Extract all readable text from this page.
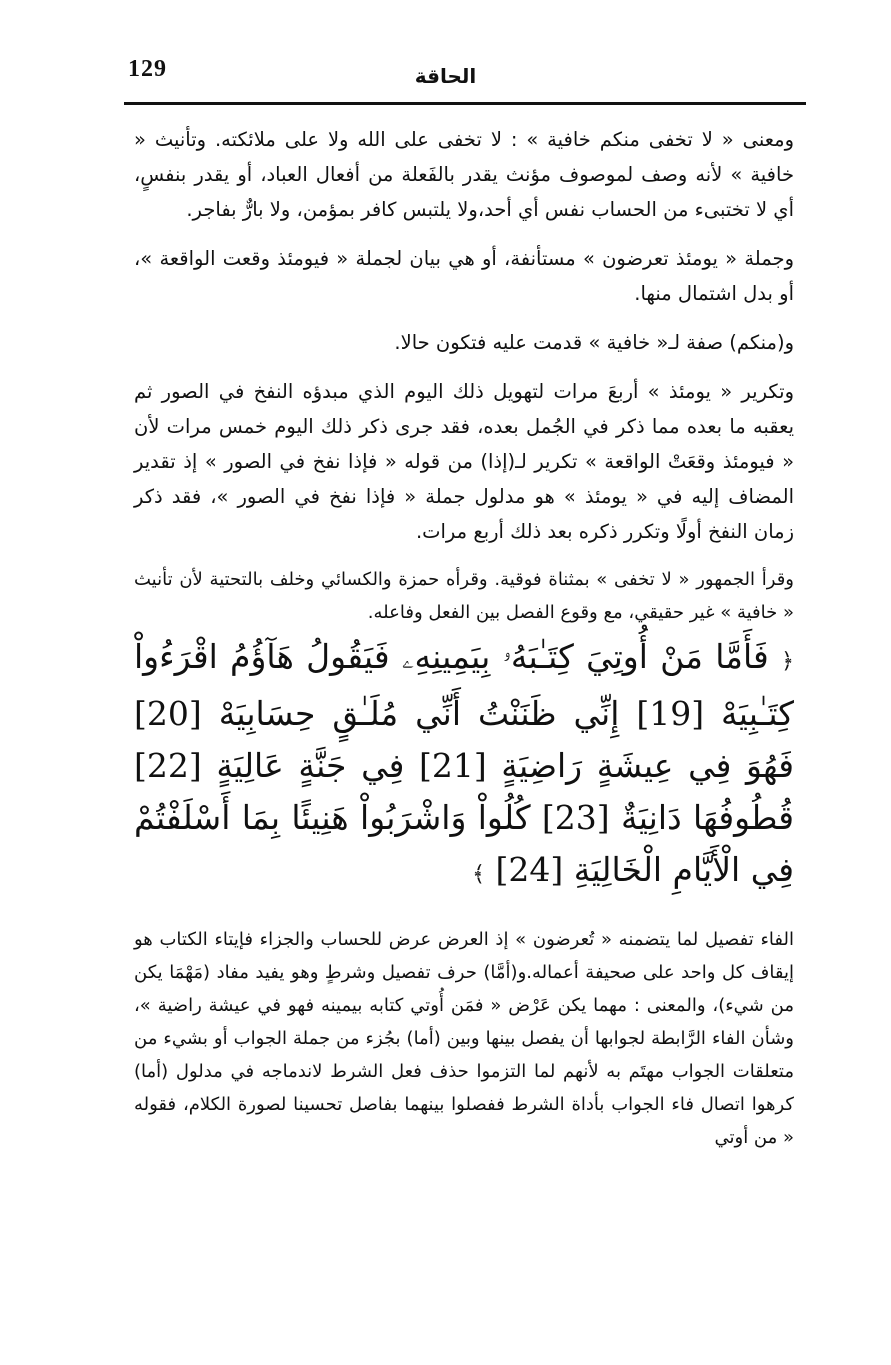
129	الحاقة

ومعنى « لا تخفى منكم خافية » : لا تخفى على الله ولا على ملائكته. وتأنيث « خافية » لأنه وصف لموصوف مؤنث يقدر بالفَعلة من أفعال العباد، أو يقدر بنفسٍ، أي لا تختبىء من الحساب نفس أي أحد،ولا يلتبس كافر بمؤمن، ولا بارٌّ بفاجر.

وجملة « يومئذ تعرضون » مستأنفة، أو هي بيان لجملة « فيومئذ وقعت الواقعة »، أو بدل اشتمال منها.

و(منكم) صفة لـ« خافية » قدمت عليه فتكون حالا.

وتكرير « يومئذ » أربعَ مرات لتهويل ذلك اليوم الذي مبدؤه النفخ في الصور ثم يعقبه ما بعده مما ذكر في الجُمل بعده، فقد جرى ذكر ذلك اليوم خمس مرات لأن « فيومئذ وقعَتْ الواقعة » تكرير لـ(إذا) من قوله « فإذا نفخ في الصور » إذ تقدير المضاف إليه في « يومئذ » هو مدلول جملة « فإذا نفخ في الصور »، فقد ذكر زمان النفخ أولًا وتكرر ذكره بعد ذلك أربع مرات.

وقرأ الجمهور « لا تخفى » بمثناة فوقية. وقرأه حمزة والكسائي وخلف بالتحتية لأن تأنيث « خافية » غير حقيقي، مع وقوع الفصل بين الفعل وفاعله.

﴿ فَأَمَّا مَنْ أُوتِيَ كِتَـٰبَهُۥ بِيَمِينِهِۦ فَيَقُولُ هَآؤُمُ اقْرَءُواْ كِتَـٰبِيَهْ [19] إِنِّي ظَنَنْتُ أَنِّي مُلَـٰقٍ حِسَابِيَهْ [20] فَهُوَ فِي عِيشَةٍ رَاضِيَةٍ [21] فِي جَنَّةٍ عَالِيَةٍ [22] قُطُوفُهَا دَانِيَةٌ [23] كُلُواْ وَاشْرَبُواْ هَنِيئًا بِمَا أَسْلَفْتُمْ فِي الْأَيَّامِ الْخَالِيَةِ [24] ﴾

الفاء تفصيل لما يتضمنه « تُعرضون » إذ العرض عرض للحساب والجزاء فإيتاء الكتاب هو إيقاف كل واحد على صحيفة أعماله.و(أمَّا) حرف تفصيل وشرطٍ وهو يفيد مفاد (مَهْمَا يكن من شيء)، والمعنى : مهما يكن عَرْض « فمَن أُوتي كتابه بيمينه فهو في عيشة راضية »، وشأن الفاء الرَّابطة لجوابها أن يفصل بينها وبين (أما) بجُزء من جملة الجواب أو بشيء من متعلقات الجواب مهتَم به لأنهم لما التزموا حذف فعل الشرط لاندماجه في مدلول (أما) كرهوا اتصال فاء الجواب بأداة الشرط ففصلوا بينهما بفاصل تحسينا لصورة الكلام، فقوله « من أوتي
